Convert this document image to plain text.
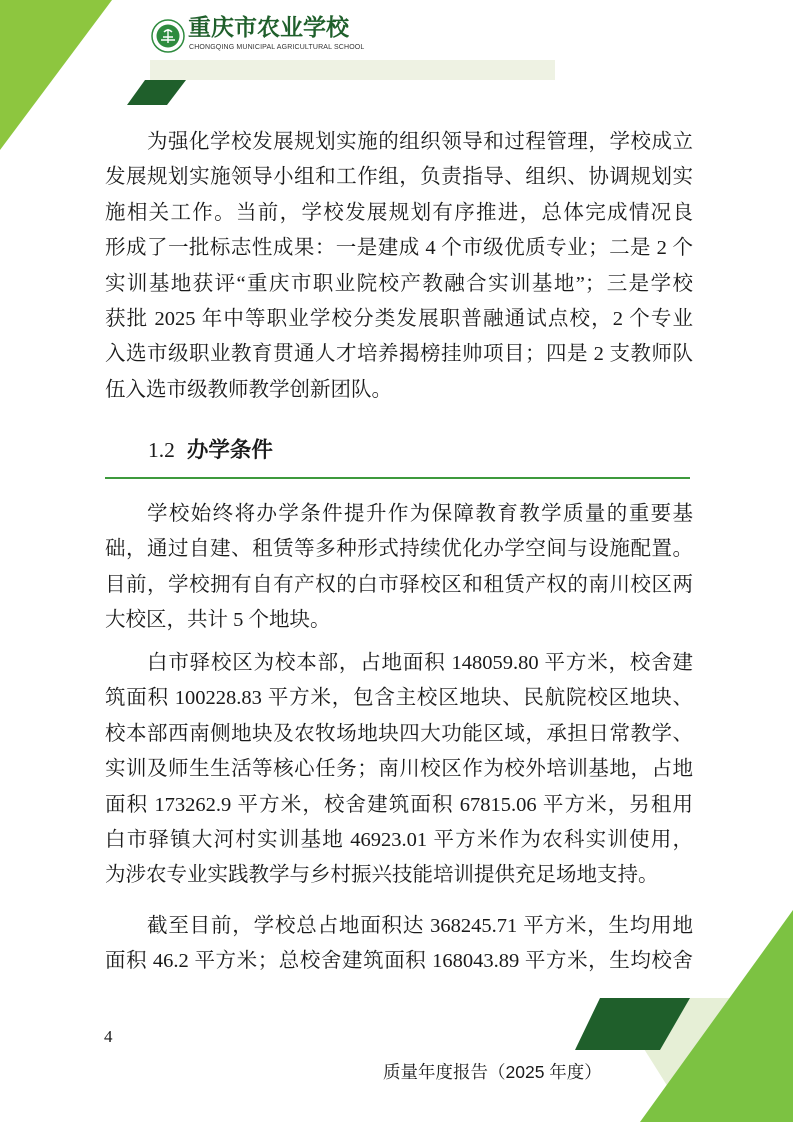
重庆市农业学校
CHONGQING MUNICIPAL AGRICULTURAL SCHOOL
为强化学校发展规划实施的组织领导和过程管理，学校成立
发展规划实施领导小组和工作组，负责指导、组织、协调规划实
施相关工作。当前，学校发展规划有序推进，总体完成情况良
形成了一批标志性成果：一是建成 4 个市级优质专业；二是 2 个
实训基地获评“重庆市职业院校产教融合实训基地”；三是学校
获批 2025 年中等职业学校分类发展职普融通试点校，2 个专业
入选市级职业教育贯通人才培养揭榜挂帅项目；四是 2 支教师队
伍入选市级教师教学创新团队。
1.2 办学条件
学校始终将办学条件提升作为保障教育教学质量的重要基
础，通过自建、租赁等多种形式持续优化办学空间与设施配置。
目前，学校拥有自有产权的白市驿校区和租赁产权的南川校区两
大校区，共计 5 个地块。
白市驿校区为校本部，占地面积 148059.80 平方米，校舍建
筑面积 100228.83 平方米，包含主校区地块、民航院校区地块、
校本部西南侧地块及农牧场地块四大功能区域，承担日常教学、
实训及师生生活等核心任务；南川校区作为校外培训基地，占地
面积 173262.9 平方米，校舍建筑面积 67815.06 平方米，另租用
白市驿镇大河村实训基地 46923.01 平方米作为农科实训使用，
为涉农专业实践教学与乡村振兴技能培训提供充足场地支持。
截至目前，学校总占地面积达 368245.71 平方米，生均用地
面积 46.2 平方米；总校舍建筑面积 168043.89 平方米，生均校舍
4
质量年度报告（2025 年度）
